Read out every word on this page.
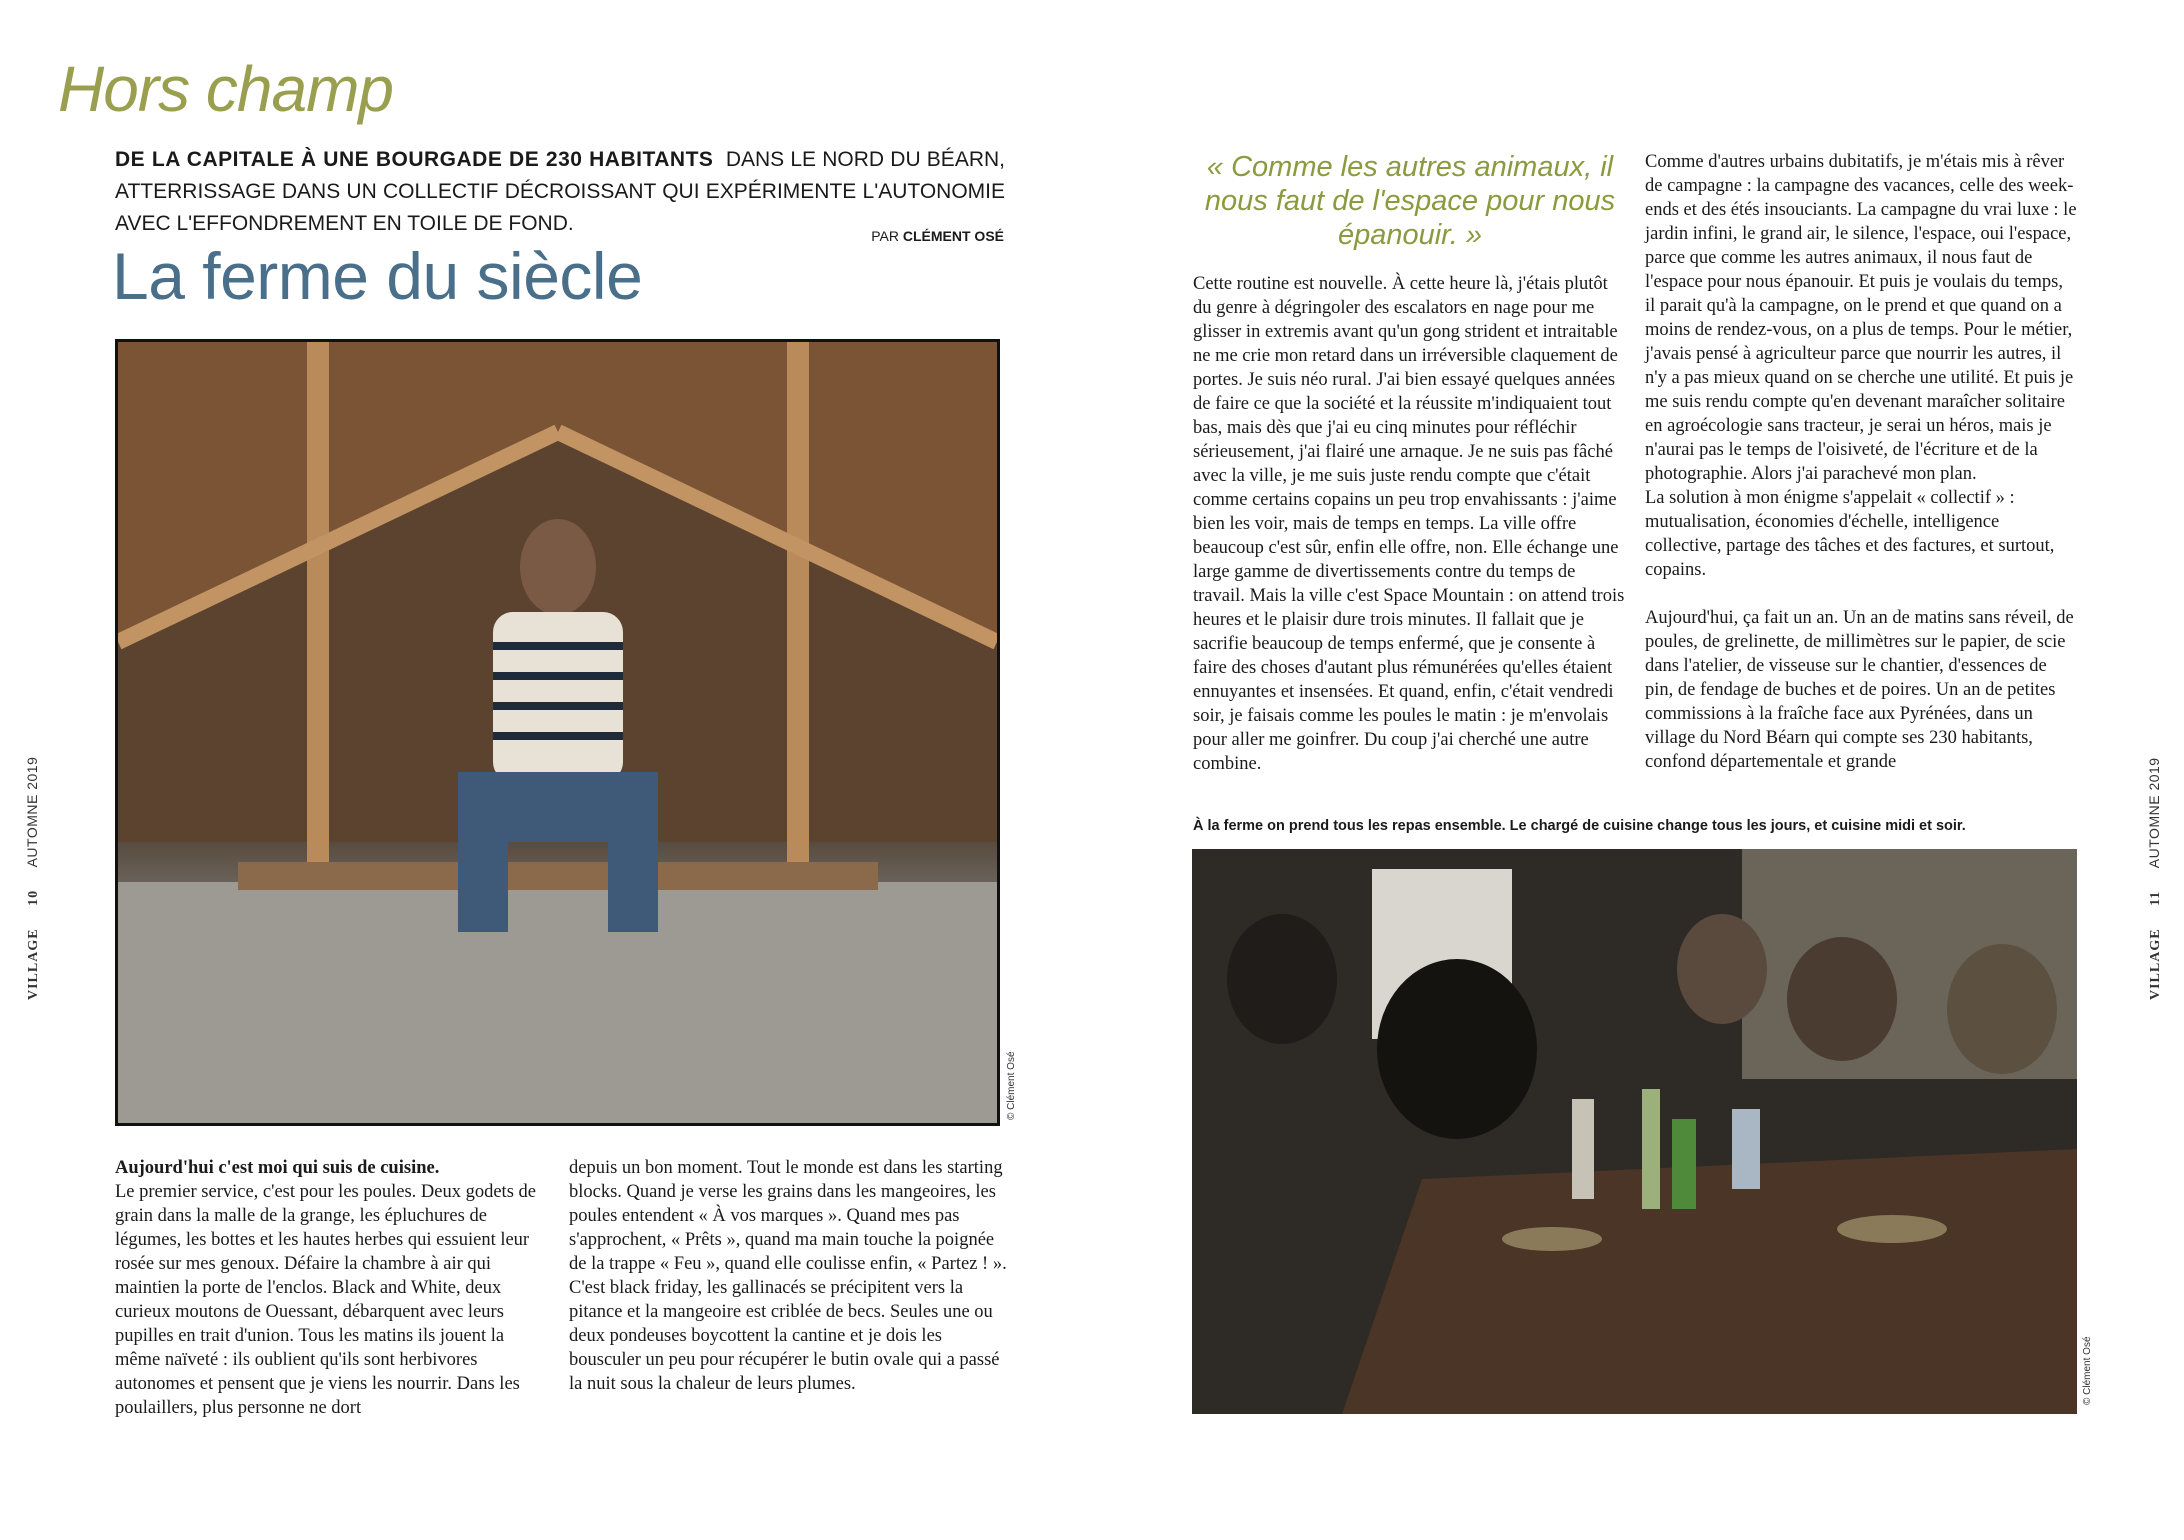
Hors champ
DE LA CAPITALE À UNE BOURGADE DE 230 HABITANTS DANS LE NORD DU BÉARN, ATTERRISSAGE DANS UN COLLECTIF DÉCROISSANT QUI EXPÉRIMENTE L'AUTONOMIE AVEC L'EFFONDREMENT EN TOILE DE FOND.
PAR CLÉMENT OSÉ
La ferme du siècle
© Clément Osé

Aujourd'hui c'est moi qui suis de cuisine.

Le premier service, c'est pour les poules. Deux godets de grain dans la malle de la grange, les épluchures de légumes, les bottes et les hautes herbes qui essuient leur rosée sur mes genoux. Défaire la chambre à air qui maintien la porte de l'enclos. Black and White, deux curieux moutons de Ouessant, débarquent avec leurs pupilles en trait d'union. Tous les matins ils jouent la même naïveté : ils oublient qu'ils sont herbivores autonomes et pensent que je viens les nourrir. Dans les poulaillers, plus personne ne dort

depuis un bon moment. Tout le monde est dans les starting blocks. Quand je verse les grains dans les mangeoires, les poules entendent « À vos marques ». Quand mes pas s'approchent, « Prêts », quand ma main touche la poignée de la trappe « Feu », quand elle coulisse enfin, « Partez ! ». C'est black friday, les gallinacés se précipitent vers la pitance et la mangeoire est criblée de becs. Seules une ou deux pondeuses boycottent la cantine et je dois les bousculer un peu pour récupérer le butin ovale qui a passé la nuit sous la chaleur de leurs plumes.

« Comme les autres animaux, il nous faut de l'espace pour nous épanouir. »

Cette routine est nouvelle. À cette heure là, j'étais plutôt du genre à dégringoler des escalators en nage pour me glisser in extremis avant qu'un gong strident et intraitable ne me crie mon retard dans un irréversible claquement de portes. Je suis néo rural. J'ai bien essayé quelques années de faire ce que la société et la réussite m'indiquaient tout bas, mais dès que j'ai eu cinq minutes pour réfléchir sérieusement, j'ai flairé une arnaque. Je ne suis pas fâché avec la ville, je me suis juste rendu compte que c'était comme certains copains un peu trop envahissants : j'aime bien les voir, mais de temps en temps. La ville offre beaucoup c'est sûr, enfin elle offre, non. Elle échange une large gamme de divertissements contre du temps de travail. Mais la ville c'est Space Mountain : on attend trois heures et le plaisir dure trois minutes. Il fallait que je sacrifie beaucoup de temps enfermé, que je consente à faire des choses d'autant plus rémunérées qu'elles étaient ennuyantes et insensées. Et quand, enfin, c'était vendredi soir, je faisais comme les poules le matin : je m'envolais pour aller me goinfrer. Du coup j'ai cherché une autre combine.

Comme d'autres urbains dubitatifs, je m'étais mis à rêver de campagne : la campagne des vacances, celle des week-ends et des étés insouciants. La campagne du vrai luxe : le jardin infini, le grand air, le silence, l'espace, oui l'espace, parce que comme les autres animaux, il nous faut de l'espace pour nous épanouir. Et puis je voulais du temps, il parait qu'à la campagne, on le prend et que quand on a moins de rendez-vous, on a plus de temps. Pour le métier, j'avais pensé à agriculteur parce que nourrir les autres, il n'y a pas mieux quand on se cherche une utilité. Et puis je me suis rendu compte qu'en devenant maraîcher solitaire en agroécologie sans tracteur, je serai un héros, mais je n'aurai pas le temps de l'oisiveté, de l'écriture et de la photographie. Alors j'ai parachevé mon plan.

La solution à mon énigme s'appelait « collectif » : mutualisation, économies d'échelle, intelligence collective, partage des tâches et des factures, et surtout, copains.

Aujourd'hui, ça fait un an. Un an de matins sans réveil, de poules, de grelinette, de millimètres sur le papier, de scie dans l'atelier, de visseuse sur le chantier, d'essences de pin, de fendage de buches et de poires. Un an de petites commissions à la fraîche face aux Pyrénées, dans un village du Nord Béarn qui compte ses 230 habitants, confond départementale et grande

À la ferme on prend tous les repas ensemble. Le chargé de cuisine change tous les jours, et cuisine midi et soir.
© Clément Osé
VILLAGE     10     AUTOMNE 2019
VILLAGE     11     AUTOMNE 2019
